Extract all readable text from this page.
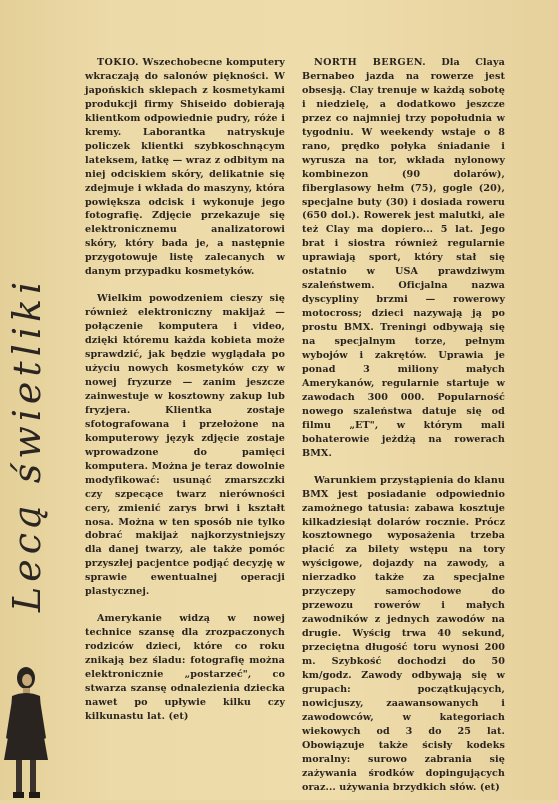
Lecą świetliki

TOKIO. Wszechobecne komputery wkraczają do salonów piękności. W japońskich sklepach z kosmetykami produkcji firmy Shiseido dobierają klientkom odpowiednie pudry, róże i kremy. Laborantka natryskuje policzek klientki szybkoschnącym lateksem, łatkę — wraz z odbitym na niej odciskiem skóry, delikatnie się zdejmuje i wkłada do maszyny, która powiększa odcisk i wykonuje jego fotografię. Zdjęcie przekazuje się elektronicznemu analizatorowi skóry, który bada je, a następnie przygotowuje listę zalecanych w danym przypadku kosmetyków.

Wielkim powodzeniem cieszy się również elektroniczny makijaż — połączenie komputera i video, dzięki któremu każda kobieta może sprawdzić, jak będzie wyglądała po użyciu nowych kosmetyków czy w nowej fryzurze — zanim jeszcze zainwestuje w kosztowny zakup lub fryzjera. Klientka zostaje sfotografowana i przełożone na komputerowy język zdjęcie zostaje wprowadzone do pamięci komputera. Można je teraz dowolnie modyfikować: usunąć zmarszczki czy szpecące twarz nierówności cery, zmienić zarys brwi i kształt nosa. Można w ten sposób nie tylko dobrać makijaż najkorzystniejszy dla danej twarzy, ale także pomóc przyszłej pacjentce podjąć decyzję w sprawie ewentualnej operacji plastycznej.

Amerykanie widzą w nowej technice szansę dla zrozpaczonych rodziców dzieci, które co roku znikają bez śladu: fotografię można elektronicznie „postarzeć", co stwarza szansę odnalezienia dziecka nawet po upływie kilku czy kilkunastu lat. (et)

NORTH BERGEN. Dla Claya Bernabeo jazda na rowerze jest obsesją. Clay trenuje w każdą sobotę i niedzielę, a dodatkowo jeszcze przez co najmniej trzy popołudnia w tygodniu. W weekendy wstaje o 8 rano, prędko połyka śniadanie i wyrusza na tor, wkłada nylonowy kombinezon (90 dolarów), fiberglasowy hełm (75), gogle (20), specjalne buty (30) i dosiada roweru (650 dol.). Rowerek jest malutki, ale też Clay ma dopiero... 5 lat. Jego brat i siostra również regularnie uprawiają sport, który stał się ostatnio w USA prawdziwym szaleństwem. Oficjalna nazwa dyscypliny brzmi — rowerowy motocross; dzieci nazywają ją po prostu BMX. Treningi odbywają się na specjalnym torze, pełnym wybojów i zakrętów. Uprawia je ponad 3 miliony małych Amerykanów, regularnie startuje w zawodach 300 000. Popularność nowego szaleństwa datuje się od filmu „ET", w którym mali bohaterowie jeżdżą na rowerach BMX.

Warunkiem przystąpienia do klanu BMX jest posiadanie odpowiednio zamożnego tatusia: zabawa kosztuje kilkadziesiąt dolarów rocznie. Prócz kosztownego wyposażenia trzeba płacić za bilety wstępu na tory wyścigowe, dojazdy na zawody, a nierzadko także za specjalne przyczepy samochodowe do przewozu rowerów i małych zawodników z jednych zawodów na drugie. Wyścig trwa 40 sekund, przeciętna długość toru wynosi 200 m. Szybkość dochodzi do 50 km/godz. Zawody odbywają się w grupach: początkujących, nowicjuszy, zaawansowanych i zawodowców, w kategoriach wiekowych od 3 do 25 lat. Obowiązuje także ścisły kodeks moralny: surowo zabrania się zażywania środków dopingujących oraz... używania brzydkich słów. (et)
